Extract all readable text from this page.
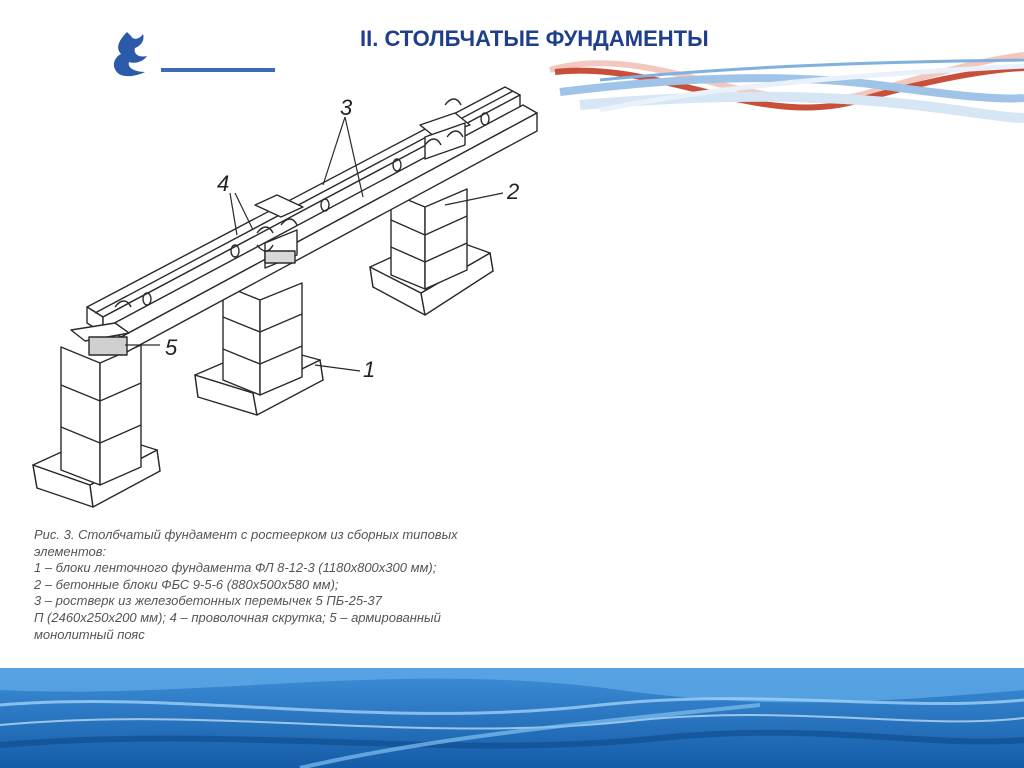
II. СТОЛБЧАТЫЕ ФУНДАМЕНТЫ
3
4	2
1
5
Рис. 3. Столбчатый фундамент с ростеерком из сборных типовых
элементов:
1 – блоки ленточного фундамента ФЛ 8-12-3 (1180х800х300 мм);
2 – бетонные блоки ФБС 9-5-6 (880х500х580 мм);
3 – ростверк из железобетонных перемычек 5 ПБ-25-37
П (2460х250х200 мм); 4 – проволочная скрутка; 5 – армированный
монолитный пояс
